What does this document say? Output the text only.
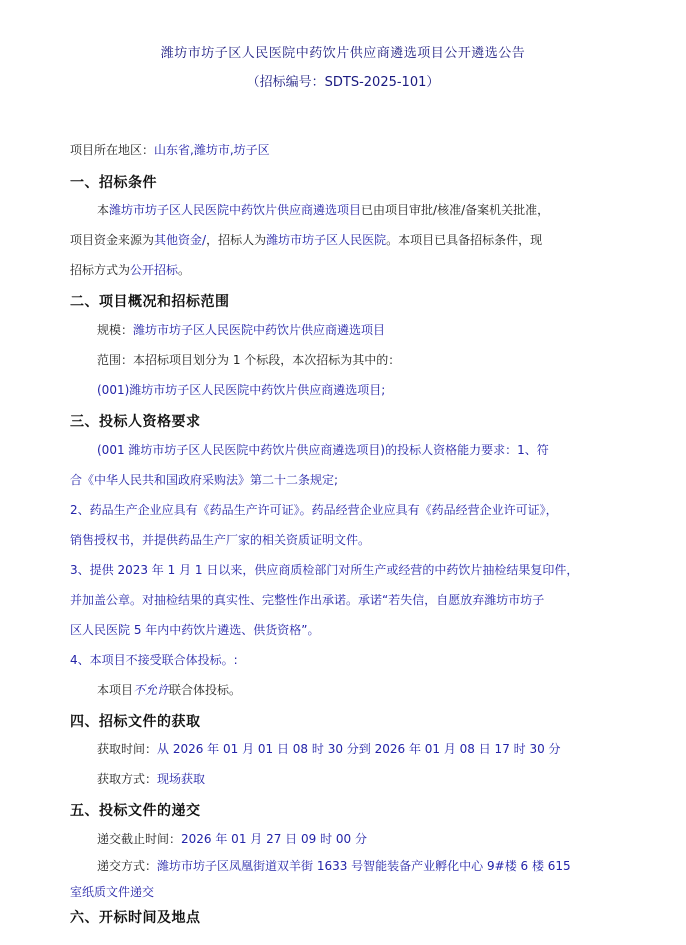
潍坊市坊子区人民医院中药饮片供应商遴选项目公开遴选公告
（招标编号：SDTS-2025-101）
项目所在地区：山东省,潍坊市,坊子区
一、招标条件
本潍坊市坊子区人民医院中药饮片供应商遴选项目已由项目审批/核准/备案机关批准，
项目资金来源为其他资金/，招标人为潍坊市坊子区人民医院。本项目已具备招标条件，现
招标方式为公开招标。
二、项目概况和招标范围
规模：潍坊市坊子区人民医院中药饮片供应商遴选项目
范围：本招标项目划分为 1 个标段，本次招标为其中的：
(001)潍坊市坊子区人民医院中药饮片供应商遴选项目;
三、投标人资格要求
(001 潍坊市坊子区人民医院中药饮片供应商遴选项目)的投标人资格能力要求：1、符
合《中华人民共和国政府采购法》第二十二条规定;
2、药品生产企业应具有《药品生产许可证》。药品经营企业应具有《药品经营企业许可证》，
销售授权书，并提供药品生产厂家的相关资质证明文件。
3、提供 2023 年 1 月 1 日以来，供应商质检部门对所生产或经营的中药饮片抽检结果复印件，
并加盖公章。对抽检结果的真实性、完整性作出承诺。承诺“若失信，自愿放弃潍坊市坊子
区人民医院 5 年内中药饮片遴选、供货资格”。
4、本项目不接受联合体投标。:
本项目不允许联合体投标。
四、招标文件的获取
获取时间：从 2026 年 01 月 01 日 08 时 30 分到 2026 年 01 月 08 日 17 时 30 分
获取方式：现场获取
五、投标文件的递交
递交截止时间：2026 年 01 月 27 日 09 时 00 分
递交方式：潍坊市坊子区凤凰街道双羊街 1633 号智能装备产业孵化中心 9#楼 6 楼 615
室纸质文件递交
六、开标时间及地点
